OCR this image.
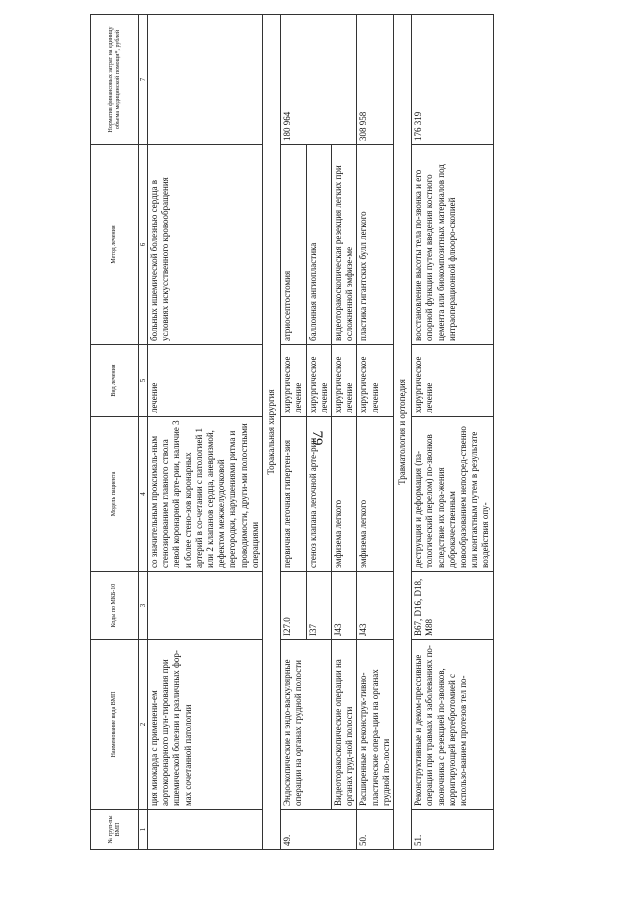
79
№ груп-пы ВМП	Наименование вида ВМП	Коды по МКБ-10	Модель пациента	Вид лечения	Метод лечения	Норматив финансовых затрат на единицу объема медицинской помощи*, рублей
1	2	3	4	5	6	7
	ция миокарда с применени-ем аортокоронарного шун-тирования при ишемической болезни и различных фор-мах сочетанной патологии		со значительным проксималь-ным стенозированием главного ствола левой коронарной арте-рии, наличие 3 и более стено-зов коронарных артерий в со-четании с патологией 1 или 2 клапанов сердца, аневризмой, дефектом межжелудочковой перегородки, нарушениями ритма и проводимости, други-ми полостными операциями	лечение	больных ишемической болезнью сердца в условиях искусственного кровообращения	
Торакальная хирургия						
49.	Эндоскопические и эндо-васкулярные операции на органах грудной полости	I27.0	первичная легочная гипертен-зия	хирургическое лечение	атриосептостомия	180 964
		I37	стеноз клапана легочной арте-рии	хирургическое лечение	баллонная ангиопластика	
	Видеоторакоскопические операции на органах груд-ной полости	J43	эмфизема легкого	хирургическое лечение	видеоторакоскопическая резекция легких при осложненной эмфизе-ме	
50.	Расширенные и реконструк-тивно-пластические опера-ции на органах грудной по-лости	J43	эмфизема легкого	хирургическое лечение	пластика гигантских булл легкого	308 958
Травматология и ортопедия						
51.	Реконструктивные и деком-прессивные операции при травмах и заболеваниях по-звоночника с резекцией по-звонков, корригирующей вертебротомией с использо-ванием протезов тел по-	B67, D16, D18, M88	деструкция и деформация (па-тологический перелом) по-звонков вследствие их пора-жения доброкачественным новообразованием непосред-ственно или контактным путем в результате воздействия опу-	хирургическое лечение	восстановление высоты тела по-звонка и его опорной функции путем введения костного цемента или биокомпозитных материалов под интраоперационной флюоро-скопией	176 319
